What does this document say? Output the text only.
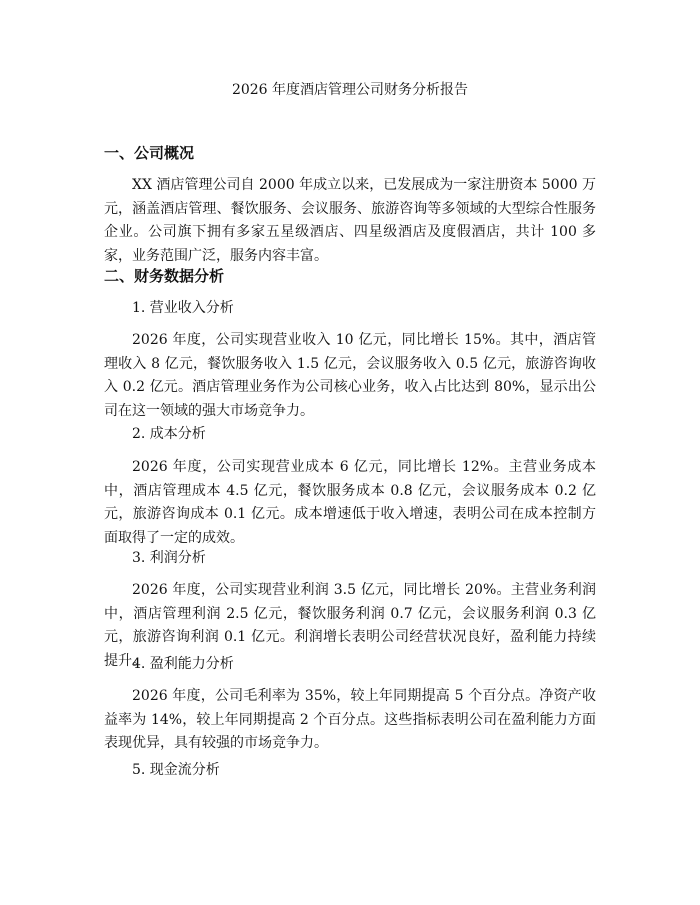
2026 年度酒店管理公司财务分析报告
一、公司概况

XX 酒店管理公司自 2000 年成立以来，已发展成为一家注册资本 5000 万元，涵盖酒店管理、餐饮服务、会议服务、旅游咨询等多领域的大型综合性服务企业。公司旗下拥有多家五星级酒店、四星级酒店及度假酒店，共计 100 多家，业务范围广泛，服务内容丰富。

二、财务数据分析
1. 营业收入分析

2026 年度，公司实现营业收入 10 亿元，同比增长 15%。其中，酒店管理收入 8 亿元，餐饮服务收入 1.5 亿元，会议服务收入 0.5 亿元，旅游咨询收入 0.2 亿元。酒店管理业务作为公司核心业务，收入占比达到 80%，显示出公司在这一领域的强大市场竞争力。

2. 成本分析

2026 年度，公司实现营业成本 6 亿元，同比增长 12%。主营业务成本中，酒店管理成本 4.5 亿元，餐饮服务成本 0.8 亿元，会议服务成本 0.2 亿元，旅游咨询成本 0.1 亿元。成本增速低于收入增速，表明公司在成本控制方面取得了一定的成效。

3. 利润分析

2026 年度，公司实现营业利润 3.5 亿元，同比增长 20%。主营业务利润中，酒店管理利润 2.5 亿元，餐饮服务利润 0.7 亿元，会议服务利润 0.3 亿元，旅游咨询利润 0.1 亿元。利润增长表明公司经营状况良好，盈利能力持续提升。

4. 盈利能力分析

2026 年度，公司毛利率为 35%，较上年同期提高 5 个百分点。净资产收益率为 14%，较上年同期提高 2 个百分点。这些指标表明公司在盈利能力方面表现优异，具有较强的市场竞争力。

5. 现金流分析
